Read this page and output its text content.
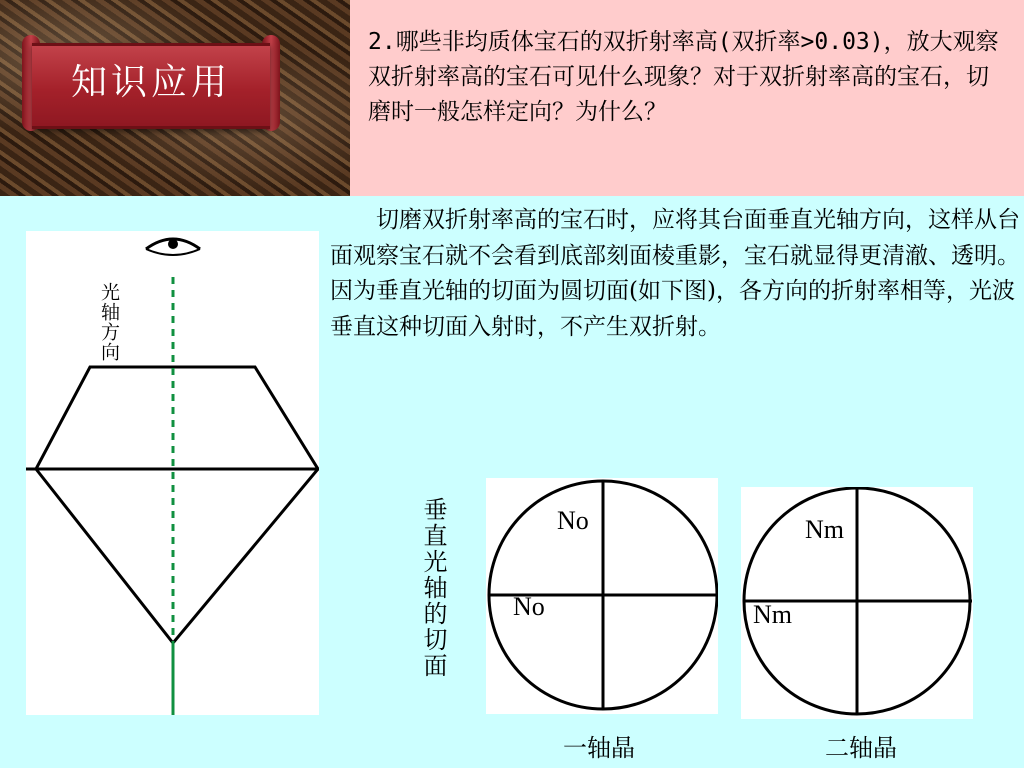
知识应用
2.哪些非均质体宝石的双折射率高(双折率>0.03)，放大观察双折射率高的宝石可见什么现象？对于双折射率高的宝石，切磨时一般怎样定向？为什么？
切磨双折射率高的宝石时，应将其台面垂直光轴方向，这样从台面观察宝石就不会看到底部刻面棱重影，宝石就显得更清澈、透明。因为垂直光轴的切面为圆切面(如下图)，各方向的折射率相等，光波垂直这种切面入射时，不产生双折射。
光轴方向
垂直光轴的切面	No
No
一轴晶
Nm
Nm
二轴晶
